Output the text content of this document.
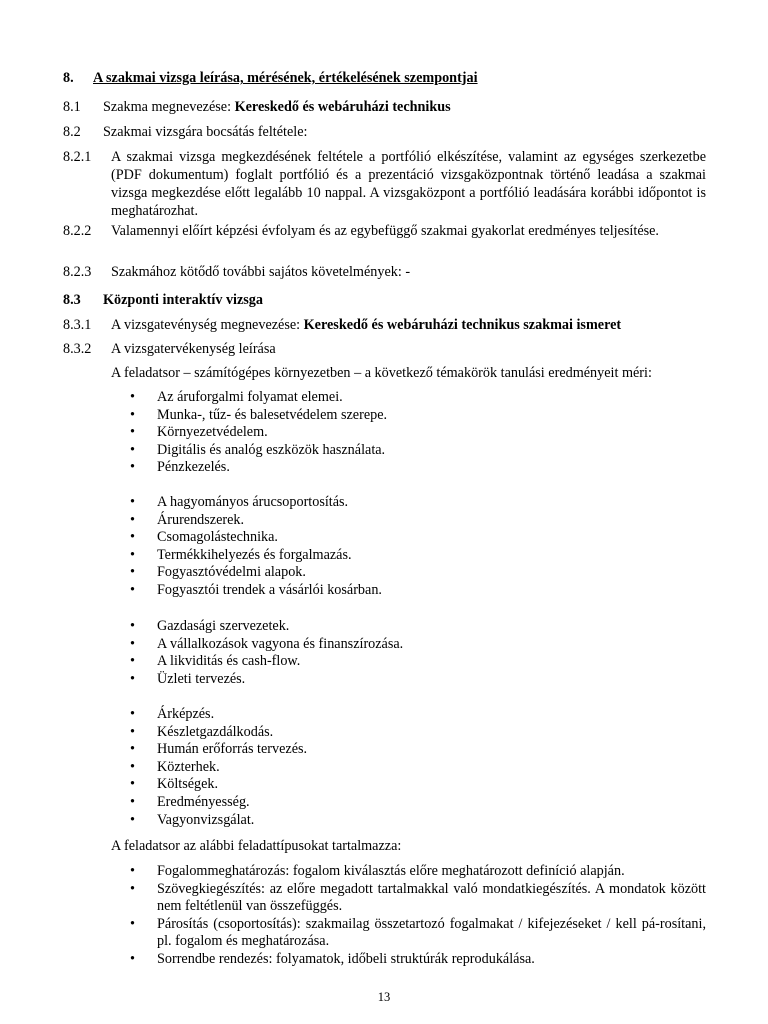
8. A szakmai vizsga leírása, mérésének, értékelésének szempontjai
8.1 Szakma megnevezése: Kereskedő és webáruházi technikus
8.2 Szakmai vizsgára bocsátás feltétele:
8.2.1 A szakmai vizsga megkezdésének feltétele a portfólió elkészítése, valamint az egységes szerkezetbe (PDF dokumentum) foglalt portfólió és a prezentáció vizsgaközpontnak történő leadása a szakmai vizsga megkezdése előtt legalább 10 nappal. A vizsgaközpont a portfólió leadására korábbi időpontot is meghatározhat.
8.2.2 Valamennyi előírt képzési évfolyam és az egybefüggő szakmai gyakorlat eredményes teljesítése.
8.2.3 Szakmához kötődő további sajátos követelmények: -
8.3 Központi interaktív vizsga
8.3.1 A vizsgatevénység megnevezése: Kereskedő és webáruházi technikus szakmai ismeret
8.3.2 A vizsgatervékenység leírása
A feladatsor – számítógépes környezetben – a következő témakörök tanulási eredményeit méri:
• Az áruforgalmi folyamat elemei.
• Munka-, tűz- és balesetvédelem szerepe.
• Környezetvédelem.
• Digitális és analóg eszközök használata.
• Pénzkezelés.
• A hagyományos árucsoportosítás.
• Árurendszerek.
• Csomagolástechnika.
• Termékkihelyezés és forgalmazás.
• Fogyasztóvédelmi alapok.
• Fogyasztói trendek a vásárlói kosárban.
• Gazdasági szervezetek.
• A vállalkozások vagyona és finanszírozása.
• A likviditás és cash-flow.
• Üzleti tervezés.
• Árképzés.
• Készletgazdálkodás.
• Humán erőforrás tervezés.
• Közterhek.
• Költségek.
• Eredményesség.
• Vagyonvizsgálat.
A feladatsor az alábbi feladattípusokat tartalmazza:
• Fogalommeghatározás: fogalom kiválasztás előre meghatározott definíció alapján.
• Szövegkiegészítés: az előre megadott tartalmakkal való mondatkiegészítés. A mondatok között nem feltétlenül van összefüggés.
• Párosítás (csoportosítás): szakmailag összetartozó fogalmakat / kifejezéseket / kell pá-rosítani, pl. fogalom és meghatározása.
• Sorrendbe rendezés: folyamatok, időbeli struktúrák reprodukálása.
13
